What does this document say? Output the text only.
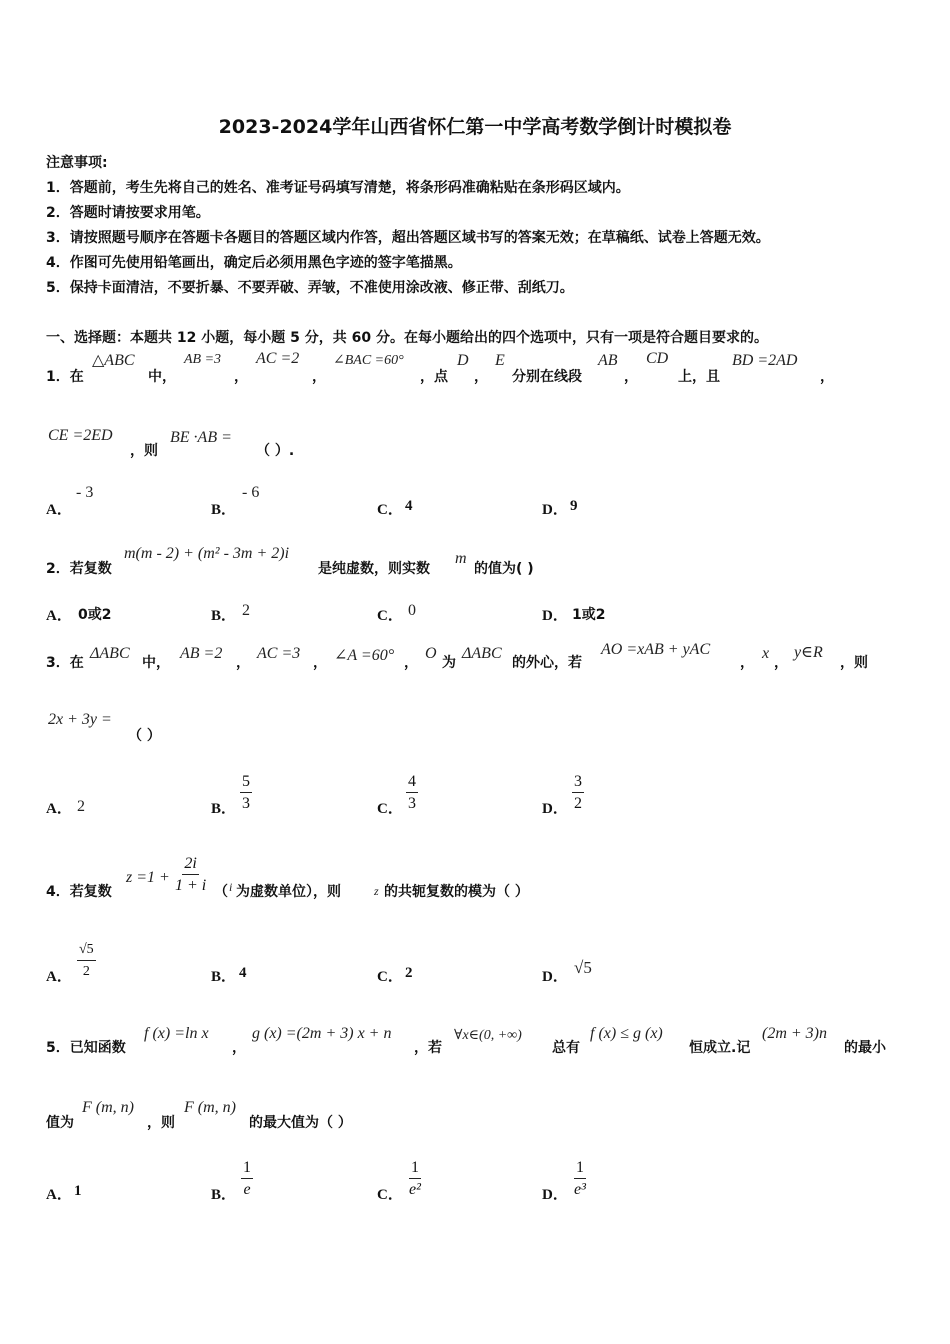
2023-2024学年山西省怀仁第一中学高考数学倒计时模拟卷
注意事项:
1．答题前，考生先将自己的姓名、准考证号码填写清楚，将条形码准确粘贴在条形码区域内。
2．答题时请按要求用笔。
3．请按照题号顺序在答题卡各题目的答题区域内作答，超出答题区域书写的答案无效；在草稿纸、试卷上答题无效。
4．作图可先使用铅笔画出，确定后必须用黑色字迹的签字笔描黑。
5．保持卡面清洁，不要折暴、不要弄破、弄皱，不准使用涂改液、修正带、刮纸刀。
一、选择题：本题共 12 小题，每小题 5 分，共 60 分。在每小题给出的四个选项中，只有一项是符合题目要求的。
1．在
△ABC
中，
AB =3
，
AC =2
，
∠BAC =60°
，点
D
，
E
分别在线段
AB
，
CD
上，且
BD =2AD
，
CE =2ED
，则
BE ·AB =
（ ）.
A．
- 3
B．
- 6
C． 4	D． 9
2．若复数
m(m - 2) + (m² - 3m + 2)i
是纯虚数，则实数
m
的值为( )
A． 0或2	B． 2	C． 0	D． 1或2
3．在
ΔABC
中，
AB =2
，
AC =3
， ∠A =60° ，
O
为
ΔABC
的外心，若
AO =xAB + yAC
，
x
，
y∈R
，则
2x + 3y =
（ ）
A． 2	B． $\frac{5}{3}$	C． $\frac{4}{3}$	D． $\frac{3}{2}$
4．若复数
$z =1 + \frac{2i}{1 + i}$ （ i 为虚数单位），则	z 的共轭复数的模为（ ）
A． $\frac{√5}{2}$	B． 4	C． 2	D． √5
5．已知函数
f (x) =ln x
，
g (x) =(2m + 3) x + n
，若
∀x∈(0, +∞)
总有
f (x) ≤ g (x)
恒成立.记
(2m + 3)n
的最小
值为
F (m, n)
，则
F (m, n)
的最大值为（ ）
A． 1	B． $\frac{1}{e}$	C． $\frac{1}{\text{e²}}$	D． $\frac{1}{\text{e³}}$
